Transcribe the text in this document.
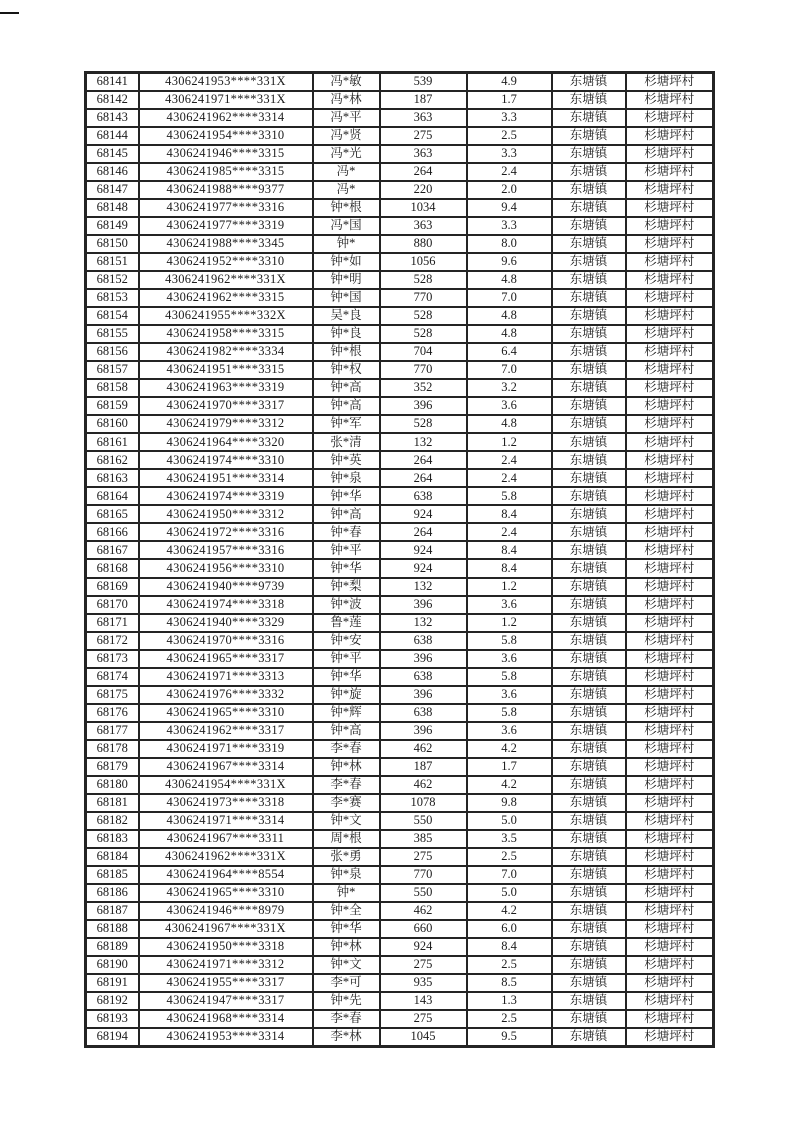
68141	4306241953****331X	冯*敏	539	4.9	东塘镇	杉塘坪村
68142	4306241971****331X	冯*林	187	1.7	东塘镇	杉塘坪村
68143	4306241962****3314	冯*平	363	3.3	东塘镇	杉塘坪村
68144	4306241954****3310	冯*贤	275	2.5	东塘镇	杉塘坪村
68145	4306241946****3315	冯*光	363	3.3	东塘镇	杉塘坪村
68146	4306241985****3315	冯*	264	2.4	东塘镇	杉塘坪村
68147	4306241988****9377	冯*	220	2.0	东塘镇	杉塘坪村
68148	4306241977****3316	钟*根	1034	9.4	东塘镇	杉塘坪村
68149	4306241977****3319	冯*国	363	3.3	东塘镇	杉塘坪村
68150	4306241988****3345	钟*	880	8.0	东塘镇	杉塘坪村
68151	4306241952****3310	钟*如	1056	9.6	东塘镇	杉塘坪村
68152	4306241962****331X	钟*明	528	4.8	东塘镇	杉塘坪村
68153	4306241962****3315	钟*国	770	7.0	东塘镇	杉塘坪村
68154	4306241955****332X	吴*良	528	4.8	东塘镇	杉塘坪村
68155	4306241958****3315	钟*良	528	4.8	东塘镇	杉塘坪村
68156	4306241982****3334	钟*根	704	6.4	东塘镇	杉塘坪村
68157	4306241951****3315	钟*权	770	7.0	东塘镇	杉塘坪村
68158	4306241963****3319	钟*高	352	3.2	东塘镇	杉塘坪村
68159	4306241970****3317	钟*高	396	3.6	东塘镇	杉塘坪村
68160	4306241979****3312	钟*军	528	4.8	东塘镇	杉塘坪村
68161	4306241964****3320	张*清	132	1.2	东塘镇	杉塘坪村
68162	4306241974****3310	钟*英	264	2.4	东塘镇	杉塘坪村
68163	4306241951****3314	钟*泉	264	2.4	东塘镇	杉塘坪村
68164	4306241974****3319	钟*华	638	5.8	东塘镇	杉塘坪村
68165	4306241950****3312	钟*高	924	8.4	东塘镇	杉塘坪村
68166	4306241972****3316	钟*春	264	2.4	东塘镇	杉塘坪村
68167	4306241957****3316	钟*平	924	8.4	东塘镇	杉塘坪村
68168	4306241956****3310	钟*华	924	8.4	东塘镇	杉塘坪村
68169	4306241940****9739	钟*梨	132	1.2	东塘镇	杉塘坪村
68170	4306241974****3318	钟*波	396	3.6	东塘镇	杉塘坪村
68171	4306241940****3329	鲁*莲	132	1.2	东塘镇	杉塘坪村
68172	4306241970****3316	钟*安	638	5.8	东塘镇	杉塘坪村
68173	4306241965****3317	钟*平	396	3.6	东塘镇	杉塘坪村
68174	4306241971****3313	钟*华	638	5.8	东塘镇	杉塘坪村
68175	4306241976****3332	钟*旋	396	3.6	东塘镇	杉塘坪村
68176	4306241965****3310	钟*辉	638	5.8	东塘镇	杉塘坪村
68177	4306241962****3317	钟*高	396	3.6	东塘镇	杉塘坪村
68178	4306241971****3319	李*春	462	4.2	东塘镇	杉塘坪村
68179	4306241967****3314	钟*林	187	1.7	东塘镇	杉塘坪村
68180	4306241954****331X	李*春	462	4.2	东塘镇	杉塘坪村
68181	4306241973****3318	李*赛	1078	9.8	东塘镇	杉塘坪村
68182	4306241971****3314	钟*文	550	5.0	东塘镇	杉塘坪村
68183	4306241967****3311	周*根	385	3.5	东塘镇	杉塘坪村
68184	4306241962****331X	张*勇	275	2.5	东塘镇	杉塘坪村
68185	4306241964****8554	钟*泉	770	7.0	东塘镇	杉塘坪村
68186	4306241965****3310	钟*	550	5.0	东塘镇	杉塘坪村
68187	4306241946****8979	钟*全	462	4.2	东塘镇	杉塘坪村
68188	4306241967****331X	钟*华	660	6.0	东塘镇	杉塘坪村
68189	4306241950****3318	钟*林	924	8.4	东塘镇	杉塘坪村
68190	4306241971****3312	钟*文	275	2.5	东塘镇	杉塘坪村
68191	4306241955****3317	李*可	935	8.5	东塘镇	杉塘坪村
68192	4306241947****3317	钟*先	143	1.3	东塘镇	杉塘坪村
68193	4306241968****3314	李*春	275	2.5	东塘镇	杉塘坪村
68194	4306241953****3314	李*林	1045	9.5	东塘镇	杉塘坪村
